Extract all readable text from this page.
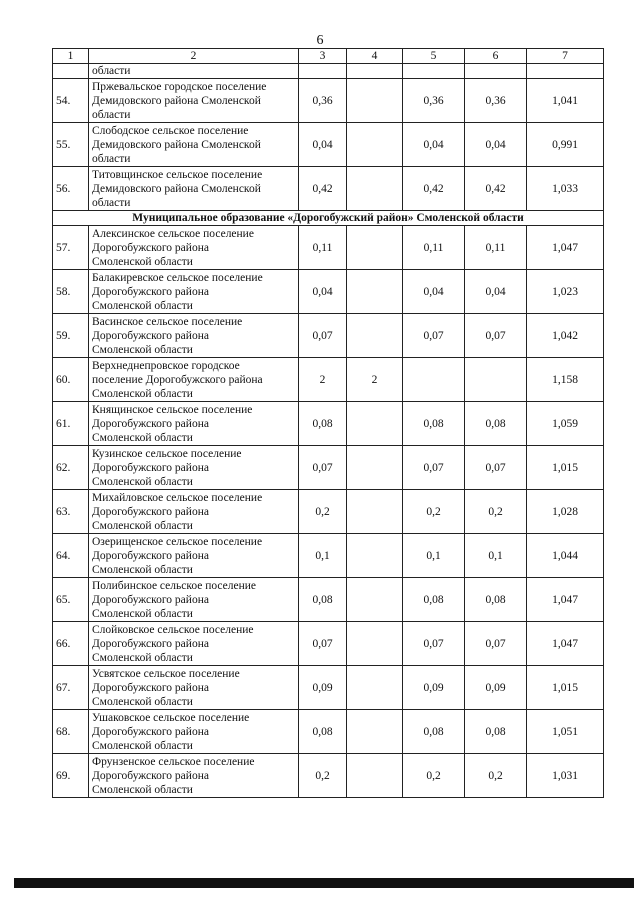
6
1	2	3	4	5	6	7
	области					
54.	Пржевальское городское поселение
Демидовского района Смоленской
области	0,36		0,36	0,36	1,041
55.	Слободское сельское поселение
Демидовского района Смоленской
области	0,04		0,04	0,04	0,991
56.	Титовщинское сельское поселение
Демидовского района Смоленской
области	0,42		0,42	0,42	1,033
Муниципальное образование «Дорогобужский район» Смоленской области						
57.	Алексинское сельское поселение
Дорогобужского района
Смоленской области	0,11		0,11	0,11	1,047
58.	Балакиревское сельское поселение
Дорогобужского района
Смоленской области	0,04		0,04	0,04	1,023
59.	Васинское сельское поселение
Дорогобужского района
Смоленской области	0,07		0,07	0,07	1,042
60.	Верхнеднепровское городское
поселение Дорогобужского района
Смоленской области	2	2			1,158
61.	Княщинское сельское поселение
Дорогобужского района
Смоленской области	0,08		0,08	0,08	1,059
62.	Кузинское сельское поселение
Дорогобужского района
Смоленской области	0,07		0,07	0,07	1,015
63.	Михайловское сельское поселение
Дорогобужского района
Смоленской области	0,2		0,2	0,2	1,028
64.	Озерищенское сельское поселение
Дорогобужского района
Смоленской области	0,1		0,1	0,1	1,044
65.	Полибинское сельское поселение
Дорогобужского района
Смоленской области	0,08		0,08	0,08	1,047
66.	Слойковское сельское поселение
Дорогобужского района
Смоленской области	0,07		0,07	0,07	1,047
67.	Усвятское сельское поселение
Дорогобужского района
Смоленской области	0,09		0,09	0,09	1,015
68.	Ушаковское сельское поселение
Дорогобужского района
Смоленской области	0,08		0,08	0,08	1,051
69.	Фрунзенское сельское поселение
Дорогобужского района
Смоленской области	0,2		0,2	0,2	1,031
